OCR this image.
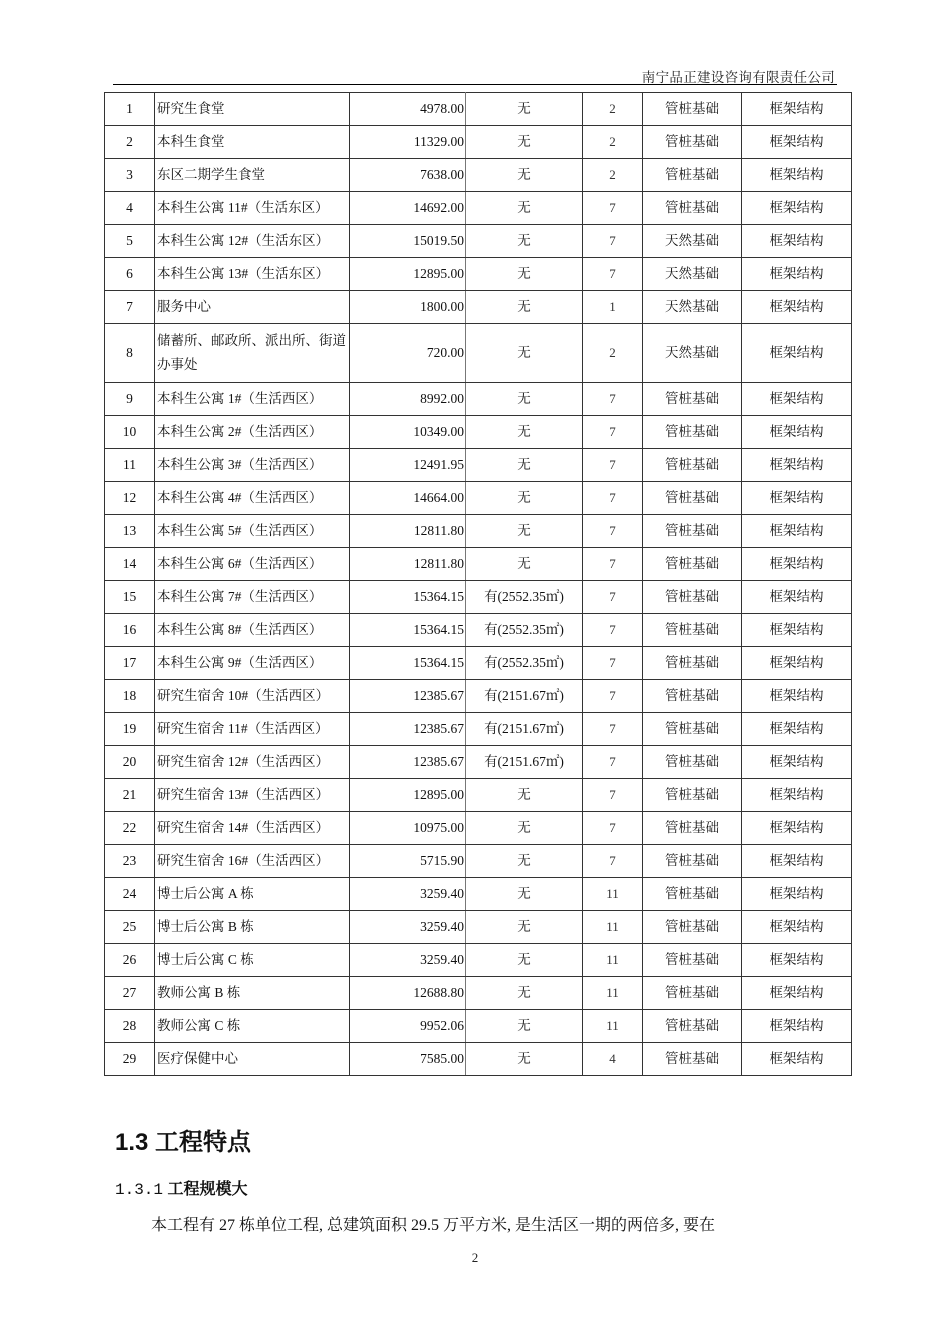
南宁品正建设咨询有限责任公司
1	研究生食堂	4978.00	无	2	管桩基础	框架结构
2	本科生食堂	11329.00	无	2	管桩基础	框架结构
3	东区二期学生食堂	7638.00	无	2	管桩基础	框架结构
4	本科生公寓 11#（生活东区）	14692.00	无	7	管桩基础	框架结构
5	本科生公寓 12#（生活东区）	15019.50	无	7	天然基础	框架结构
6	本科生公寓 13#（生活东区）	12895.00	无	7	天然基础	框架结构
7	服务中心	1800.00	无	1	天然基础	框架结构
8	储蓄所、邮政所、派出所、街道办事处	720.00	无	2	天然基础	框架结构
9	本科生公寓 1#（生活西区）	8992.00	无	7	管桩基础	框架结构
10	本科生公寓 2#（生活西区）	10349.00	无	7	管桩基础	框架结构
11	本科生公寓 3#（生活西区）	12491.95	无	7	管桩基础	框架结构
12	本科生公寓 4#（生活西区）	14664.00	无	7	管桩基础	框架结构
13	本科生公寓 5#（生活西区）	12811.80	无	7	管桩基础	框架结构
14	本科生公寓 6#（生活西区）	12811.80	无	7	管桩基础	框架结构
15	本科生公寓 7#（生活西区）	15364.15	有(2552.35㎡)	7	管桩基础	框架结构
16	本科生公寓 8#（生活西区）	15364.15	有(2552.35㎡)	7	管桩基础	框架结构
17	本科生公寓 9#（生活西区）	15364.15	有(2552.35㎡)	7	管桩基础	框架结构
18	研究生宿舍 10#（生活西区）	12385.67	有(2151.67㎡)	7	管桩基础	框架结构
19	研究生宿舍 11#（生活西区）	12385.67	有(2151.67㎡)	7	管桩基础	框架结构
20	研究生宿舍 12#（生活西区）	12385.67	有(2151.67㎡)	7	管桩基础	框架结构
21	研究生宿舍 13#（生活西区）	12895.00	无	7	管桩基础	框架结构
22	研究生宿舍 14#（生活西区）	10975.00	无	7	管桩基础	框架结构
23	研究生宿舍 16#（生活西区）	5715.90	无	7	管桩基础	框架结构
24	博士后公寓 A 栋	3259.40	无	11	管桩基础	框架结构
25	博士后公寓 B 栋	3259.40	无	11	管桩基础	框架结构
26	博士后公寓 C 栋	3259.40	无	11	管桩基础	框架结构
27	教师公寓 B 栋	12688.80	无	11	管桩基础	框架结构
28	教师公寓 C 栋	9952.06	无	11	管桩基础	框架结构
29	医疗保健中心	7585.00	无	4	管桩基础	框架结构
1.3 工程特点
1.3.1 工程规模大
本工程有 27 栋单位工程, 总建筑面积 29.5 万平方米, 是生活区一期的两倍多, 要在
2
